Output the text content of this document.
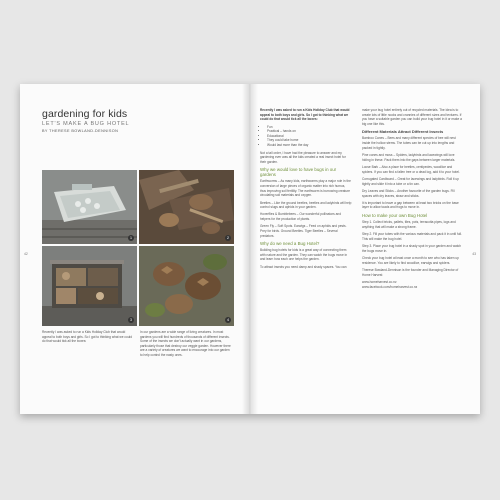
gardening for kids
LET'S MAKE A BUG HOTEL
BY THERESE BOWLAND-DENNISON
1	2
3	4

Recently I was asked to run a Kids Holiday Club that would appeal to both boys and girls. So I got to thinking what we could do that would tick all the boxes:

In our gardens are a wide range of living creatures. In most gardens you will find hundreds of thousands of different insects. Some of the insects we don't actually want in our gardens, particularly those that destroy our veggie garden. However there are a variety of creatures we want to encourage into our garden to help control the nasty ones.

42

Recently I was asked to run a Kids Holiday Club that would appeal to both boys and girls. So I got to thinking what we could do that would tick all the boxes:

• Fun
• Practical – hands on
• Educational
• They could take home
• Would last more than the day

Not a tall order, I have had the pleasure to answer and my gardening ever was all the kids created a real insect hotel for their garden.

Why we would love to have bugs in our gardens

Earthworms – As many kids, earthworms play a major role in the conversion of large pieces of organic matter into rich humus, thus improving soil fertility. The earthworm is burrowing creature circulating soil materials and oxygen.

Beetles – Like the ground beetles, beetles and ladybirds will help control slugs and aphids in your garden.

Hoverflies & Bumblebees – Our wonderful pollinators and helpers for the production of plants.

Green Fly – Soft Spots. Earwigs – Feed on aphids and pests. Prey for birds. Ground Beetles. Tiger Beetles – Several predators.

Why do we need a Bug Hotel?

Building bug hotels for kids is a great way of connecting them with nature and the garden. They can watch the bugs move in and learn how each one helps the garden.

To attract insects you need damp and shady spaces. You can

make your bug hotel entirely out of recycled materials. The idea is to create lots of little nooks and crannies of different sizes and textures. If you have a suitable garden you can build your bug hotel in it or make a big one like this.

Different Materials Attract Different Insects

Bamboo Canes – Bees and many different species of bee will nest inside the hollow stems. The tubes can be cut up into lengths and packed in tightly.

Pine cones and moss – Spiders, ladybirds and lacewings will love hiding in these. Pack them into the gaps between larger materials.

Loose Bark – Also a place for beetles, centipedes, woodlice and spiders. If you can find a fallen tree or a dead log, add it to your hotel.

Corrugated Cardboard – Great for lacewings and ladybirds. Roll it up tightly and slide it into a tube or a tin can.

Dry Leaves and Sticks – Another favourite of the garden bugs. Fill spaces with dry leaves, straw and sticks.

It is important to leave a gap between at least two bricks on the base layer to allow toads and frogs to move in.

How to make your own Bug Hotel

Step 1. Collect bricks, pallets, tiles, pots, terracotta pipes, logs and anything that will make a strong frame.

Step 2. Fill your tubes with the various materials and pack it in until full. This will make the bug hotel.

Step 3. Place your bug hotel in a shady spot in your garden and watch the bugs move in.

Check your bug hotel at least once a month to see who has taken up residence. You are likely to find woodlice, earwigs and spiders.

Therese Bowland-Dennison is the founder and Managing Director of Home Harvest

www.homeharvest.co.nz

www.facebook.com/homeharvest.co.nz

43
